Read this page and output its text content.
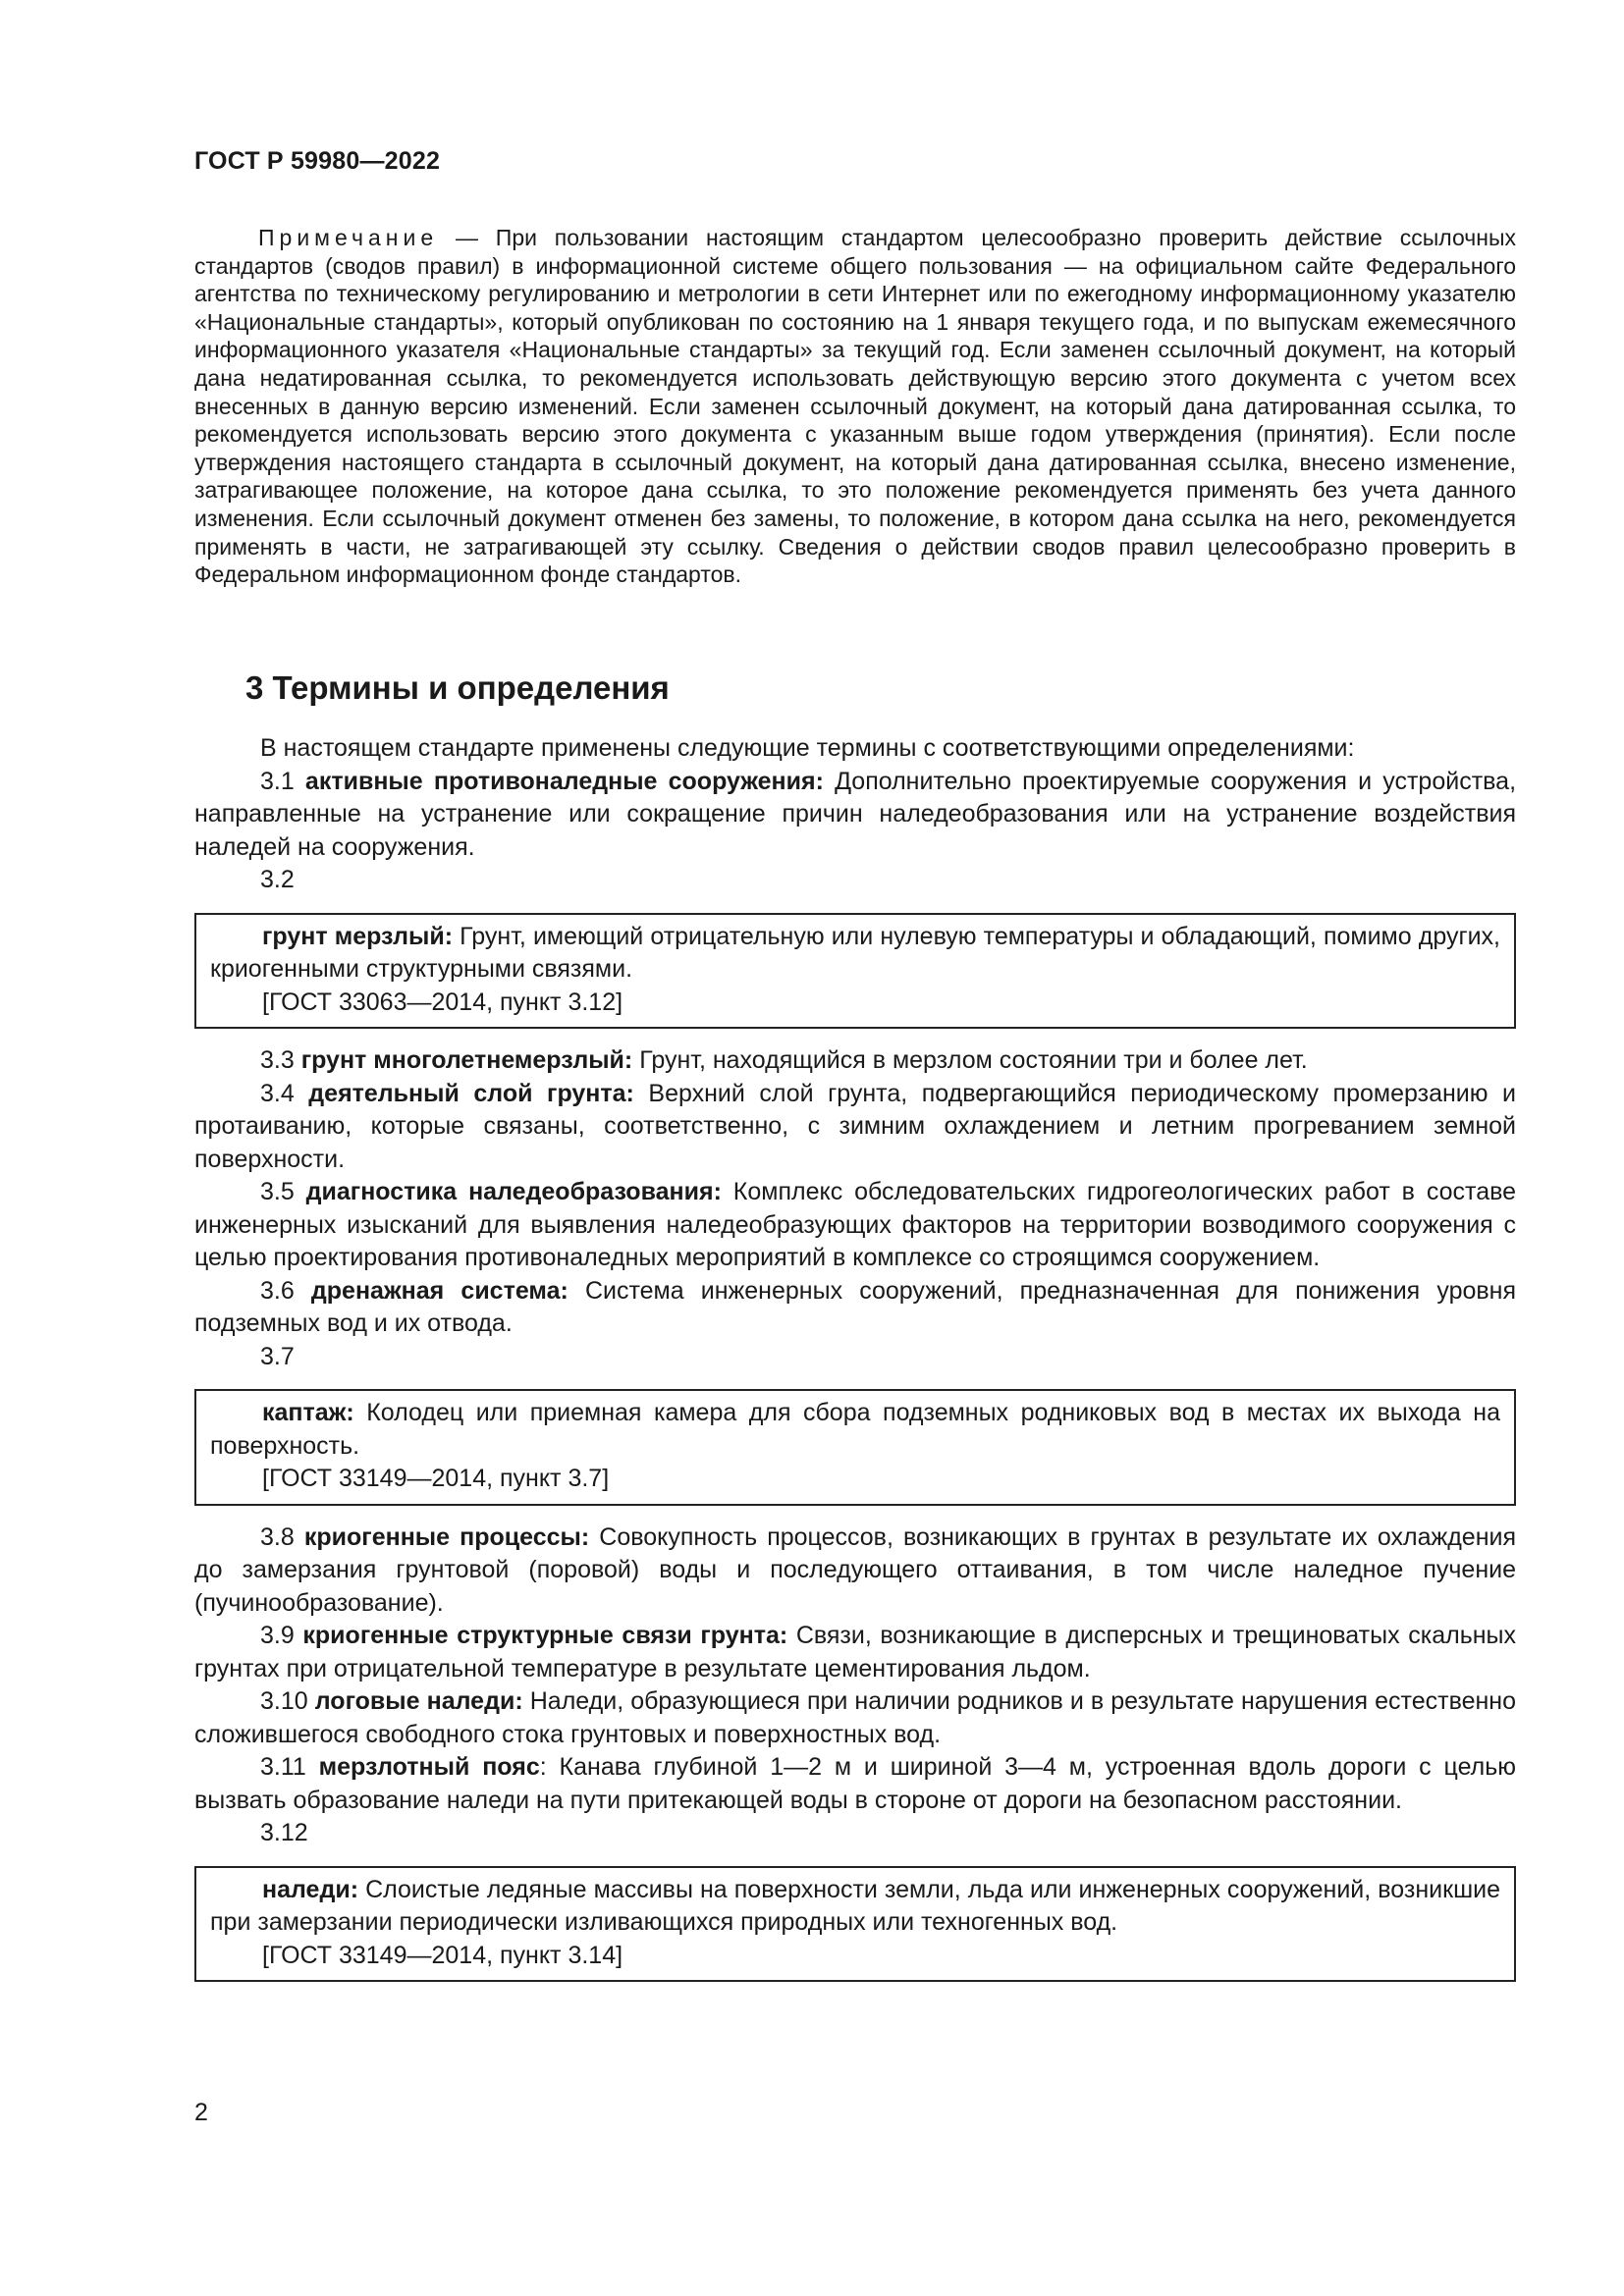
ГОСТ Р 59980—2022

Примечание — При пользовании настоящим стандартом целесообразно проверить действие ссылочных стандартов (сводов правил) в информационной системе общего пользования — на официальном сайте Федерального агентства по техническому регулированию и метрологии в сети Интернет или по ежегодному информационному указателю «Национальные стандарты», который опубликован по состоянию на 1 января текущего года, и по выпускам ежемесячного информационного указателя «Национальные стандарты» за текущий год. Если заменен ссылочный документ, на который дана недатированная ссылка, то рекомендуется использовать действующую версию этого документа с учетом всех внесенных в данную версию изменений. Если заменен ссылочный документ, на который дана датированная ссылка, то рекомендуется использовать версию этого документа с указанным выше годом утверждения (принятия). Если после утверждения настоящего стандарта в ссылочный документ, на который дана датированная ссылка, внесено изменение, затрагивающее положение, на которое дана ссылка, то это положение рекомендуется применять без учета данного изменения. Если ссылочный документ отменен без замены, то положение, в котором дана ссылка на него, рекомендуется применять в части, не затрагивающей эту ссылку. Сведения о действии сводов правил целесообразно проверить в Федеральном информационном фонде стандартов.

3 Термины и определения

В настоящем стандарте применены следующие термины с соответствующими определениями:

3.1 активные противоналедные сооружения: Дополнительно проектируемые сооружения и устройства, направленные на устранение или сокращение причин наледеобразования или на устранение воздействия наледей на сооружения.

3.2

грунт мерзлый: Грунт, имеющий отрицательную или нулевую температуры и обладающий, помимо других, криогенными структурными связями.

[ГОСТ 33063—2014, пункт 3.12]

3.3 грунт многолетнемерзлый: Грунт, находящийся в мерзлом состоянии три и более лет.

3.4 деятельный слой грунта: Верхний слой грунта, подвергающийся периодическому промерзанию и протаиванию, которые связаны, соответственно, с зимним охлаждением и летним прогреванием земной поверхности.

3.5 диагностика наледеобразования: Комплекс обследовательских гидрогеологических работ в составе инженерных изысканий для выявления наледеобразующих факторов на территории возводимого сооружения с целью проектирования противоналедных мероприятий в комплексе со строящимся сооружением.

3.6 дренажная система: Система инженерных сооружений, предназначенная для понижения уровня подземных вод и их отвода.

3.7

каптаж: Колодец или приемная камера для сбора подземных родниковых вод в местах их выхода на поверхность.

[ГОСТ 33149—2014, пункт 3.7]

3.8 криогенные процессы: Совокупность процессов, возникающих в грунтах в результате их охлаждения до замерзания грунтовой (поровой) воды и последующего оттаивания, в том числе наледное пучение (пучинообразование).

3.9 криогенные структурные связи грунта: Связи, возникающие в дисперсных и трещиноватых скальных грунтах при отрицательной температуре в результате цементирования льдом.

3.10 логовые наледи: Наледи, образующиеся при наличии родников и в результате нарушения естественно сложившегося свободного стока грунтовых и поверхностных вод.

3.11 мерзлотный пояс: Канава глубиной 1—2 м и шириной 3—4 м, устроенная вдоль дороги с целью вызвать образование наледи на пути притекающей воды в стороне от дороги на безопасном расстоянии.

3.12

наледи: Слоистые ледяные массивы на поверхности земли, льда или инженерных сооружений, возникшие при замерзании периодически изливающихся природных или техногенных вод.

[ГОСТ 33149—2014, пункт 3.14]

2
